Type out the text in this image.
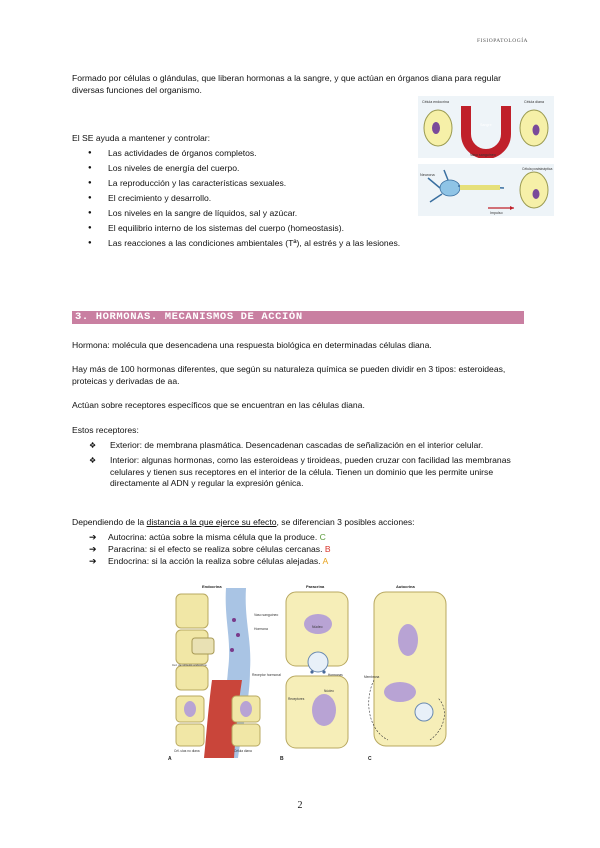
FISIOPATOLOGÍA
Formado por células o glándulas, que liberan hormonas a la sangre, y que actúan en órganos diana para regular diversas funciones del organismo.
El SE ayuda a mantener y controlar:
● Las actividades de órganos completos.
● Los niveles de energía del cuerpo.
● La reproducción y las características sexuales.
● El crecimiento y desarrollo.
● Los niveles en la sangre de líquidos, sal y azúcar.
● El equilibrio interno de los sistemas del cuerpo (homeostasis).
● Las reacciones a las condiciones ambientales (Tª), al estrés y a las lesiones.
Célula endocrina	Célula diana
Sangre
Vaso sanguíneo
Neurona
Célula postsináptica
Impulso
3. HORMONAS. MECANISMOS DE ACCIÓN
Hormona: molécula que desencadena una respuesta biológica en determinadas células diana.
Hay más de 100 hormonas diferentes, que según su naturaleza química se pueden dividir en 3 tipos: esteroideas, proteicas y derivadas de aa.
Actúan sobre receptores específicos que se encuentran en las células diana.
Estos receptores:
❖ Exterior: de membrana plasmática. Desencadenan cascadas de señalización en el interior celular.
❖ Interior: algunas hormonas, como las esteroideas y tiroideas, pueden cruzar con facilidad las membranas celulares y tienen sus receptores en el interior de la célula. Tienen un dominio que les permite unirse directamente al ADN y regular la expresión génica.
Dependiendo de la distancia a la que ejerce su efecto, se diferencian 3 posibles acciones:
➔ Autocrina: actúa sobre la misma célula que la produce. C
➔ Paracrina: si el efecto se realiza sobre células cercanas. B
➔ Endocrina: si la acción la realiza sobre células alejadas. A
Endocrina
Vaso sanguíneo
Hormona
Cél. de síntesis endocrina
Receptor hormonal
Cél. ulas no diana	Célula diana
A
Paracrina
Núcleo
Hormonas
Receptores
Núcleo
B
Autocrina
Membrana
C
2
